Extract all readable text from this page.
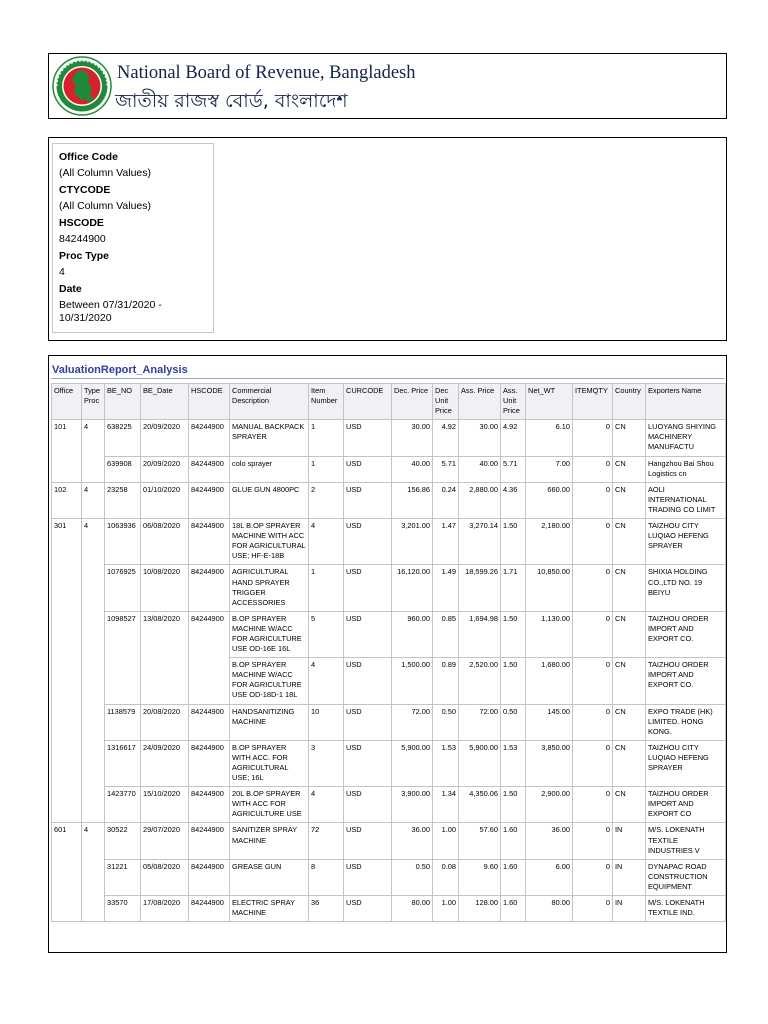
National Board of Revenue, Bangladesh
জাতীয় রাজস্ব বোর্ড, বাংলাদেশ
Office Code
(All Column Values)
CTYCODE
(All Column Values)
HSCODE
84244900
Proc Type
4
Date
Between 07/31/2020 - 10/31/2020
ValuationReport_Analysis
Office	Type Proc	BE_NO	BE_Date	HSCODE	Commercial Description	Item Number	CURCODE	Dec. Price	Dec Unit Price	Ass. Price	Ass. Unit Price	Net_WT	ITEMQTY	Country	Exporters Name
101	4	638225	20/09/2020	84244900	MANUAL BACKPACK SPRAYER	1	USD	30.00	4.92	30.00	4.92	6.10	0	CN	LUOYANG SHIYING MACHINERY MANUFACTU
		639908	20/09/2020	84244900	colo sprayer	1	USD	40.00	5.71	40.00	5.71	7.00	0	CN	Hangzhou Bai Shou Logistics cn
102	4	23258	01/10/2020	84244900	GLUE GUN 4800PC	2	USD	156.86	0.24	2,880.00	4.36	660.00	0	CN	AOLI INTERNATIONAL TRADING CO LIMIT
301	4	1063936	06/08/2020	84244900	18L B.OP SPRAYER MACHINE WITH ACC FOR AGRICULTURAL USE; HF-E-18B	4	USD	3,201.00	1.47	3,270.14	1.50	2,180.00	0	CN	TAIZHOU CITY LUQIAO HEFENG SPRAYER
		1076925	10/08/2020	84244900	AGRICULTURAL HAND SPRAYER TRIGGER ACCESSORIES	1	USD	16,120.00	1.49	18,599.26	1.71	10,850.00	0	CN	SHIXIA HOLDING CO.,LTD NO. 19 BEIYU
		1098527	13/08/2020	84244900	B.OP SPRAYER MACHINE W/ACC FOR AGRICULTURE USE OD-16E 16L	5	USD	960.00	0.85	1,694.98	1.50	1,130.00	0	CN	TAIZHOU ORDER IMPORT AND EXPORT CO.
					B.OP SPRAYER MACHINE W/ACC FOR AGRICULTURE USE OD-18D-1 18L	4	USD	1,500.00	0.89	2,520.00	1.50	1,680.00	0	CN	TAIZHOU ORDER IMPORT AND EXPORT CO.
		1138579	20/08/2020	84244900	HANDSANITIZING MACHINE	10	USD	72.00	0.50	72.00	0.50	145.00	0	CN	EXPO TRADE (HK) LIMITED. HONG KONG.
		1316617	24/09/2020	84244900	B.OP SPRAYER WITH ACC. FOR AGRICULTURAL USE; 16L	3	USD	5,900.00	1.53	5,900.00	1.53	3,850.00	0	CN	TAIZHOU CITY LUQIAO HEFENG SPRAYER
		1423770	15/10/2020	84244900	20L B.OP SPRAYER WITH ACC FOR AGRICULTURE USE	4	USD	3,900.00	1.34	4,350.06	1.50	2,900.00	0	CN	TAIZHOU ORDER IMPORT AND EXPORT CO
601	4	30522	29/07/2020	84244900	SANITIZER SPRAY MACHINE	72	USD	36.00	1.00	57.60	1.60	36.00	0	IN	M/S. LOKENATH TEXTILE INDUSTRIES V
		31221	05/08/2020	84244900	GREASE GUN	8	USD	0.50	0.08	9.60	1.60	6.00	0	IN	DYNAPAC ROAD CONSTRUCTION EQUIPMENT
		33570	17/08/2020	84244900	ELECTRIC SPRAY MACHINE	36	USD	80.00	1.00	128.00	1.60	80.00	0	IN	M/S. LOKENATH TEXTILE IND.
